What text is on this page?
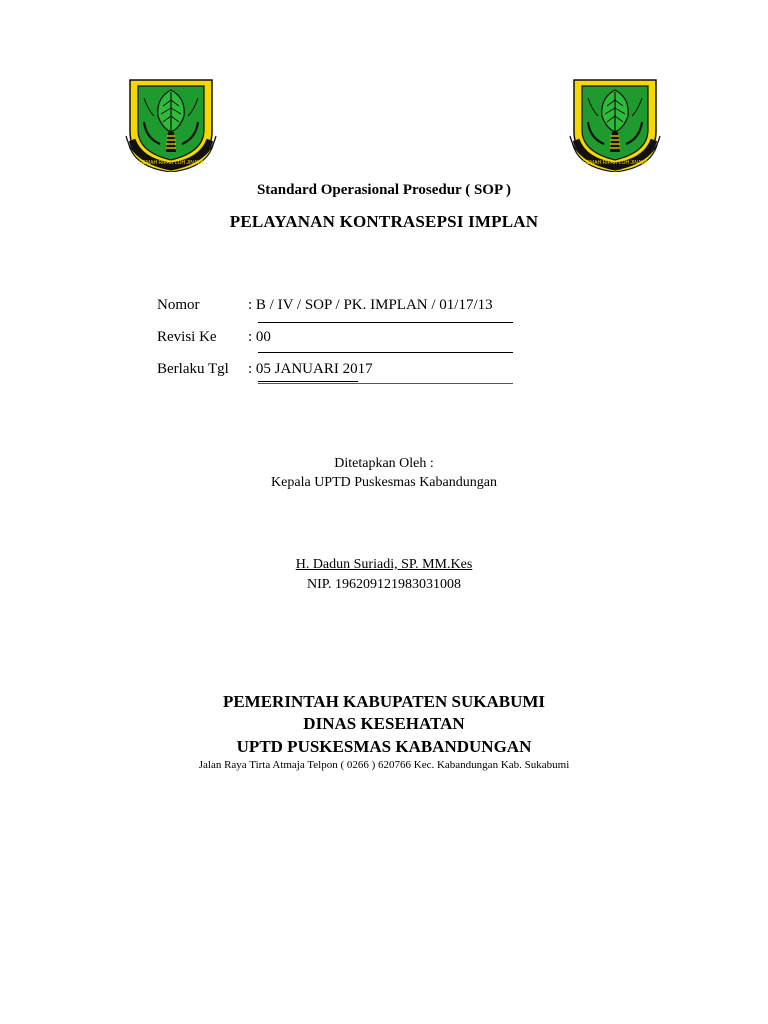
GEMAH RIPAH LOH JINAWI	GEMAH RIPAH LOH JINAWI
Standard Operasional Prosedur ( SOP )
PELAYANAN KONTRASEPSI IMPLAN
Nomor	: B / IV / SOP / PK. IMPLAN / 01/17/13
Revisi Ke : 00
Berlaku Tgl : 05 JANUARI 2017
Ditetapkan Oleh :
Kepala UPTD Puskesmas Kabandungan
H. Dadun Suriadi, SP. MM.Kes
NIP. 196209121983031008
PEMERINTAH KABUPATEN SUKABUMI
DINAS KESEHATAN
UPTD PUSKESMAS KABANDUNGAN
Jalan Raya Tirta Atmaja Telpon ( 0266 ) 620766 Kec. Kabandungan Kab. Sukabumi
